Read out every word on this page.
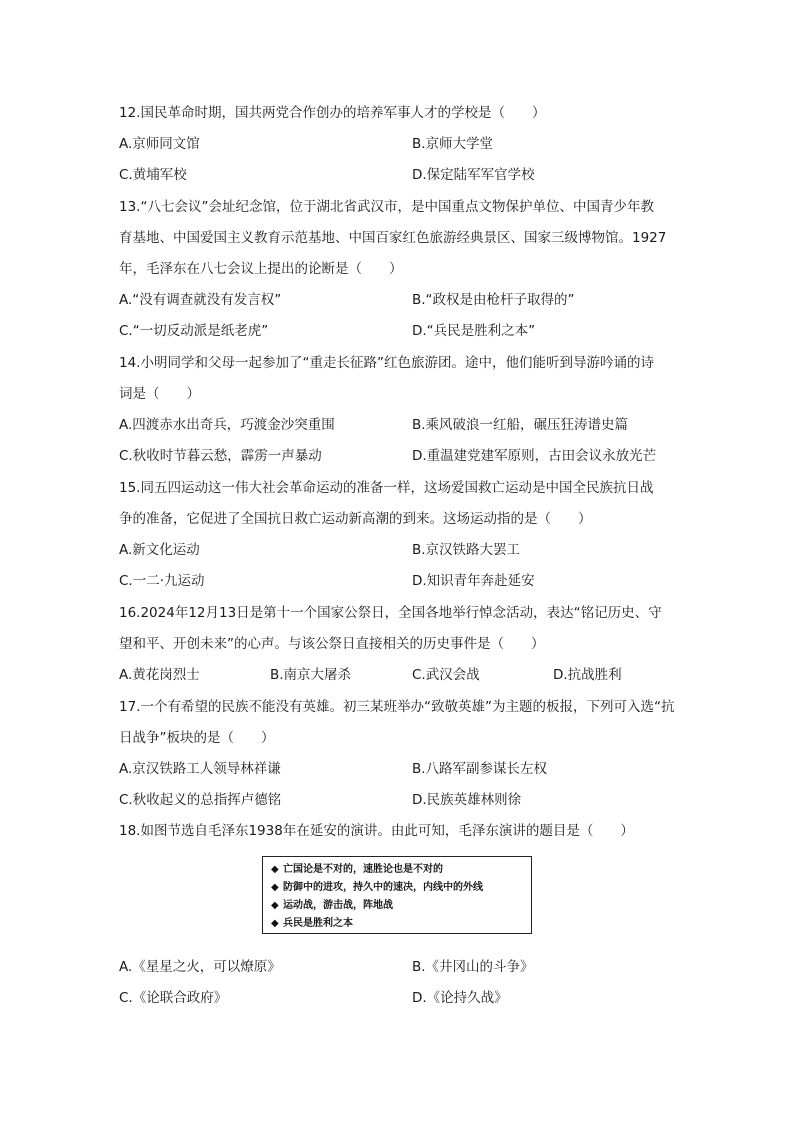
12.国民革命时期，国共两党合作创办的培养军事人才的学校是（　　）
A.京师同文馆	B.京师大学堂
C.黄埔军校	D.保定陆军军官学校
13.“八七会议”会址纪念馆，位于湖北省武汉市，是中国重点文物保护单位、中国青少年教
育基地、中国爱国主义教育示范基地、中国百家红色旅游经典景区、国家三级博物馆。1927
年，毛泽东在八七会议上提出的论断是（　　）
A.“没有调查就没有发言权”	B.“政权是由枪杆子取得的”
C.“一切反动派是纸老虎”	D.“兵民是胜利之本”
14.小明同学和父母一起参加了“重走长征路”红色旅游团。途中，他们能听到导游吟诵的诗
词是（　　）
A.四渡赤水出奇兵，巧渡金沙突重围	B.乘风破浪一红船，碾压狂涛谱史篇
C.秋收时节暮云愁，霹雳一声暴动	D.重温建党建军原则，古田会议永放光芒
15.同五四运动这一伟大社会革命运动的准备一样，这场爱国救亡运动是中国全民族抗日战
争的准备，它促进了全国抗日救亡运动新高潮的到来。这场运动指的是（　　）
A.新文化运动	B.京汉铁路大罢工
C.一二·九运动	D.知识青年奔赴延安
16.2024年12月13日是第十一个国家公祭日，全国各地举行悼念活动，表达“铭记历史、守
望和平、开创未来”的心声。与该公祭日直接相关的历史事件是（　　）
A.黄花岗烈士	B.南京大屠杀	C.武汉会战	D.抗战胜利
17.一个有希望的民族不能没有英雄。初三某班举办“致敬英雄”为主题的板报，下列可入选“抗
日战争”板块的是（　　）
A.京汉铁路工人领导林祥谦	B.八路军副参谋长左权
C.秋收起义的总指挥卢德铭	D.民族英雄林则徐
18.如图节选自毛泽东1938年在延安的演讲。由此可知，毛泽东演讲的题目是（　　）
◆ 亡国论是不对的，速胜论也是不对的
◆ 防御中的进攻，持久中的速决，内线中的外线
◆ 运动战，游击战，阵地战
◆ 兵民是胜利之本
A.《星星之火，可以燎原》	B.《井冈山的斗争》
C.《论联合政府》	D.《论持久战》
